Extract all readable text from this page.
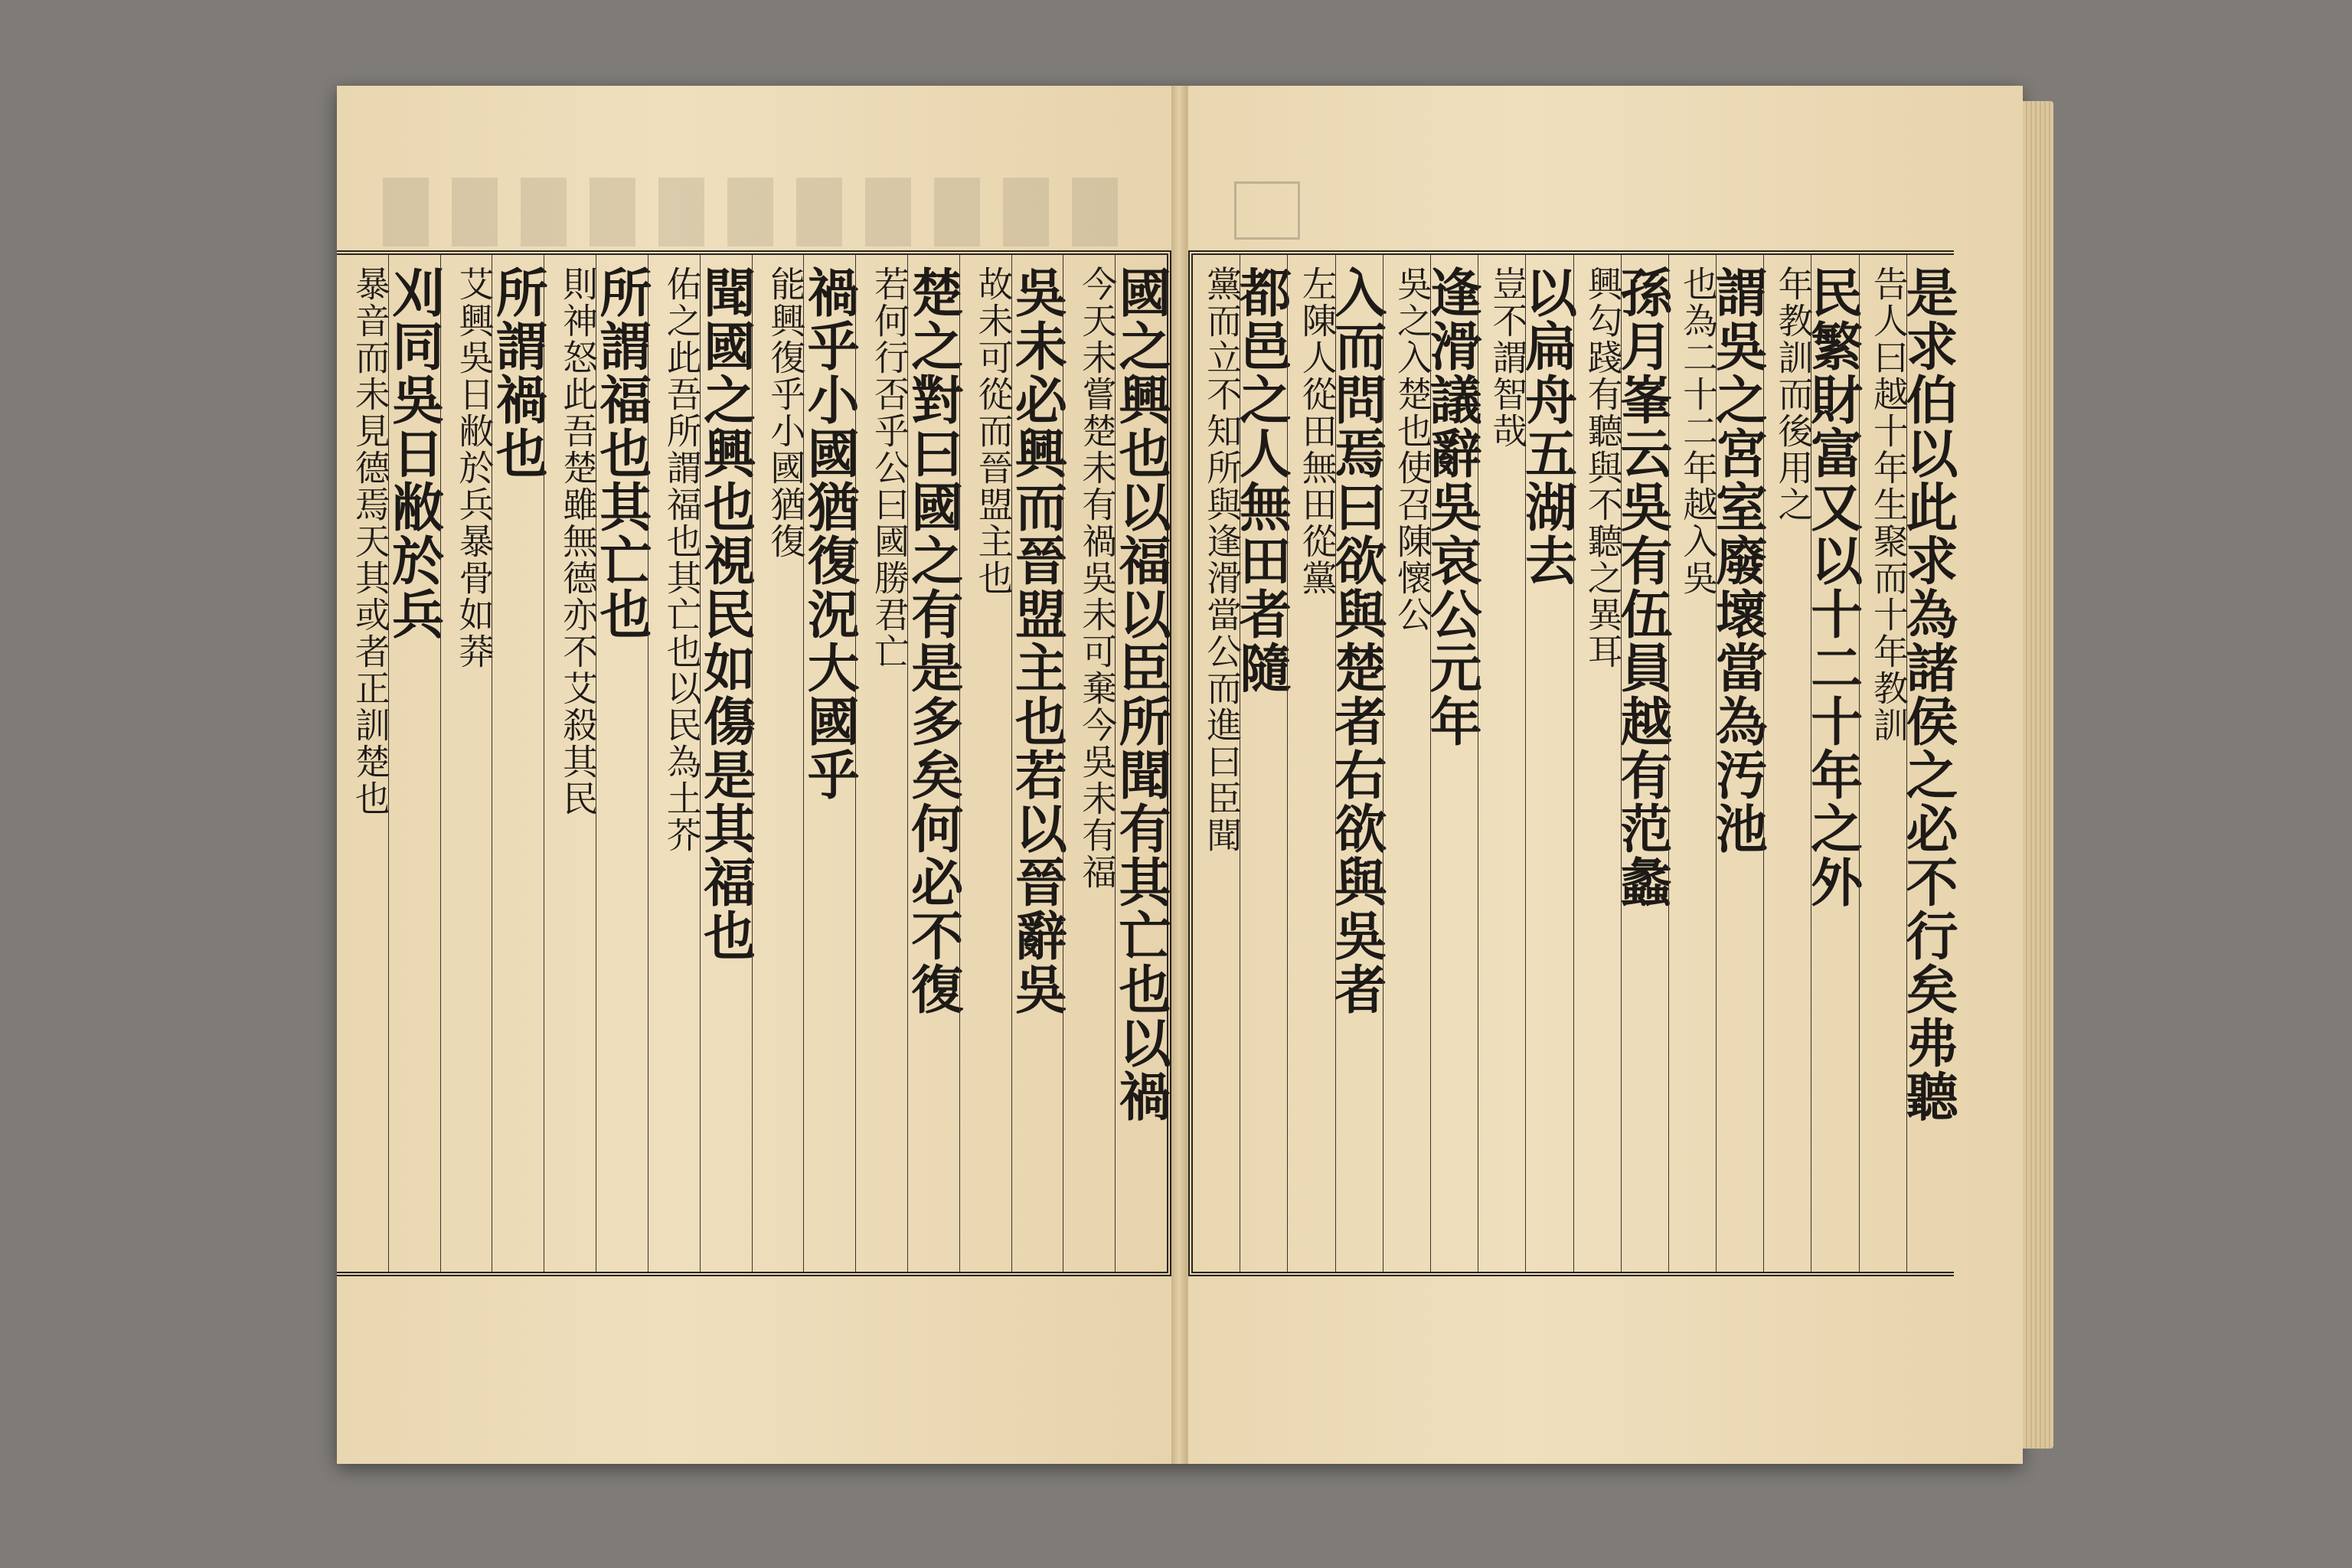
國之興也以福以臣所聞有其亡也以禍
今天未嘗楚未有禍吳未可棄今吳未有福
吳未必興而晉盟主也若以晉辭吳
故未可從而晉盟主也
楚之對曰國之有是多矣何必不復
若何行否乎公曰國勝君亡
禍乎小國猶復況大國乎
能興復乎小國猶復
聞國之興也視民如傷是其福也
佑之此吾所謂福也其亡也以民為土芥
所謂福也其亡也
則神怒此吾楚雖無德亦不艾殺其民
所謂禍也
艾興吳日敝於兵暴骨如莽
刈同吳日敝於兵
暴音而未見德焉天其或者正訓楚也	是求伯以此求為諸侯之必不行矣弗聽
告人曰越十年生聚而十年教訓
民繁財富又以十二十年之外
年教訓而後用之
謂吳之宮室廢壞當為汚池
也為二十二年越入吳
孫月峯云吳有伍員越有范蠡
興勾踐有聽與不聽之異耳
以扁舟五湖去
豈不謂智哉
逢滑議辭吳哀公元年
吳之入楚也使召陳懷公
入而問焉曰欲與楚者右欲與吳者
左陳人從田無田從黨
都邑之人無田者隨
黨而立不知所與逢滑當公而進曰臣聞
